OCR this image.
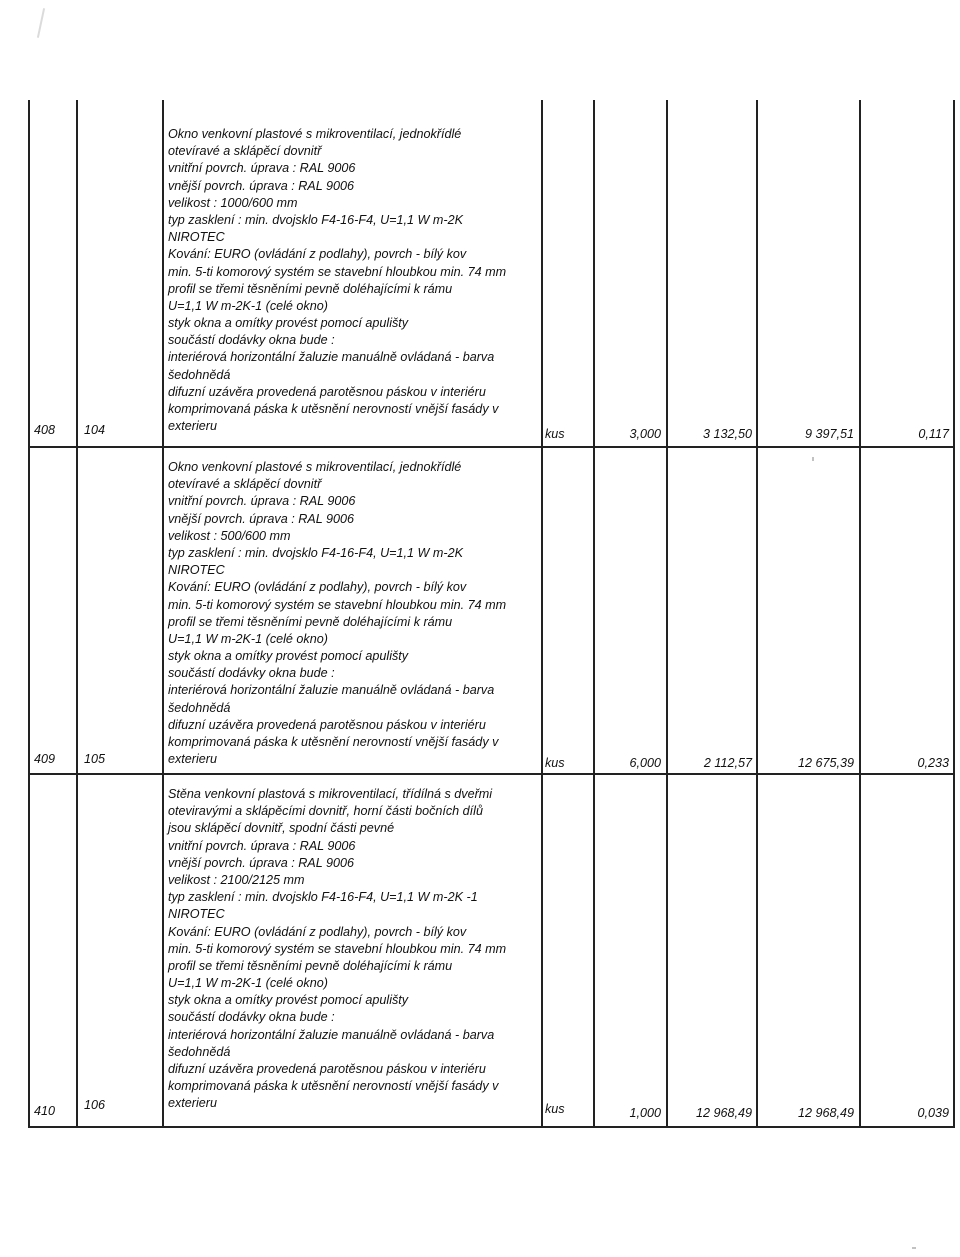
408 104
Okno venkovní plastové s mikroventilací, jednokřídlé
otevíravé a sklápěcí dovnitř
vnitřní povrch. úprava : RAL 9006
vnější povrch. úprava : RAL 9006
velikost : 1000/600 mm
typ zasklení : min. dvojsklo F4-16-F4, U=1,1 W m-2K
NIROTEC
Kování: EURO (ovládání z podlahy), povrch - bílý kov
min. 5-ti komorový systém se stavební hloubkou min. 74 mm
profil se třemi těsněními pevně doléhajícími k rámu
U=1,1 W m-2K-1 (celé okno)
styk okna a omítky provést pomocí apulišty
součástí dodávky okna bude :
interiérová horizontální žaluzie manuálně ovládaná - barva
šedohnědá
difuzní uzávěra provedená parotěsnou páskou v interiéru
komprimovaná páska k utěsnění nerovností vnější fasády v
exterieru
kus	3,000	3 132,50	9 397,51	0,117
409 105
Okno venkovní plastové s mikroventilací, jednokřídlé
otevíravé a sklápěcí dovnitř
vnitřní povrch. úprava : RAL 9006
vnější povrch. úprava : RAL 9006
velikost : 500/600 mm
typ zasklení : min. dvojsklo F4-16-F4, U=1,1 W m-2K
NIROTEC
Kování: EURO (ovládání z podlahy), povrch - bílý kov
min. 5-ti komorový systém se stavební hloubkou min. 74 mm
profil se třemi těsněními pevně doléhajícími k rámu
U=1,1 W m-2K-1 (celé okno)
styk okna a omítky provést pomocí apulišty
součástí dodávky okna bude :
interiérová horizontální žaluzie manuálně ovládaná - barva
šedohnědá
difuzní uzávěra provedená parotěsnou páskou v interiéru
komprimovaná páska k utěsnění nerovností vnější fasády v
exterieru	kus	6,000	2 112,57	12 675,39	0,233
410 106
Stěna venkovní plastová s mikroventilací, třídílná s dveřmi
oteviravými a sklápěcími dovnitř, horní části bočních dílů
jsou sklápěcí dovnitř, spodní části pevné
vnitřní povrch. úprava : RAL 9006
vnější povrch. úprava : RAL 9006
velikost : 2100/2125 mm
typ zasklení : min. dvojsklo F4-16-F4, U=1,1 W m-2K -1
NIROTEC
Kování: EURO (ovládání z podlahy), povrch - bílý kov
min. 5-ti komorový systém se stavební hloubkou min. 74 mm
profil se třemi těsněními pevně doléhajícími k rámu
U=1,1 W m-2K-1 (celé okno)
styk okna a omítky provést pomocí apulišty
součástí dodávky okna bude :
interiérová horizontální žaluzie manuálně ovládaná - barva
šedohnědá
difuzní uzávěra provedená parotěsnou páskou v interiéru
komprimovaná páska k utěsnění nerovností vnější fasády v
exterieru	kus	1,000	12 968,49	12 968,49	0,039
